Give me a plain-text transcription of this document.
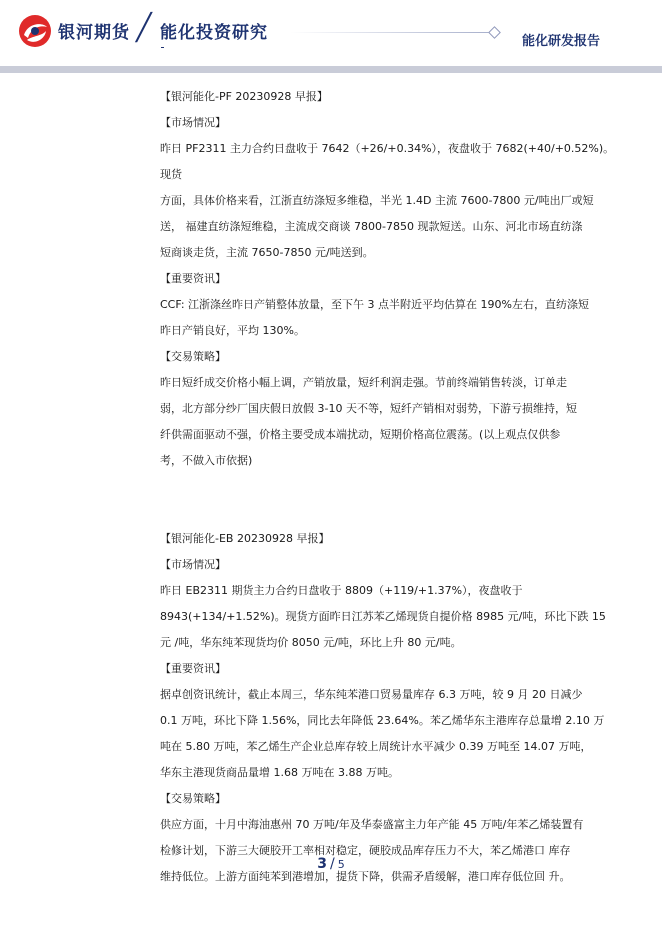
银河期货 ╱ 能化投资研究	能化研发报告

【银河能化-PF 20230928 早报】

【市场情况】

昨日 PF2311 主力合约日盘收于 7642（+26/+0.34%），夜盘收于 7682(+40/+0.52%)。现货

方面，具体价格来看，江浙直纺涤短多维稳，半光 1.4D 主流 7600-7800 元/吨出厂或短

送， 福建直纺涤短维稳，主流成交商谈 7800-7850 现款短送。山东、河北市场直纺涤

短商谈走货，主流 7650-7850 元/吨送到。

【重要资讯】

CCF: 江浙涤丝昨日产销整体放量，至下午 3 点半附近平均估算在 190%左右，直纺涤短

昨日产销良好，平均 130%。

【交易策略】

昨日短纤成交价格小幅上调，产销放量，短纤利润走强。节前终端销售转淡，订单走

弱，北方部分纱厂国庆假日放假 3-10 天不等，短纤产销相对弱势，下游亏损维持，短

纤供需面驱动不强，价格主要受成本端扰动，短期价格高位震荡。(以上观点仅供参

考，不做入市依据)

【银河能化-EB 20230928 早报】

【市场情况】

昨日 EB2311 期货主力合约日盘收于 8809（+119/+1.37%），夜盘收于

8943(+134/+1.52%)。现货方面昨日江苏苯乙烯现货自提价格 8985 元/吨，环比下跌 15

元 /吨，华东纯苯现货均价 8050 元/吨，环比上升 80 元/吨。

【重要资讯】

据卓创资讯统计，截止本周三，华东纯苯港口贸易量库存 6.3 万吨，较 9 月 20 日减少

0.1 万吨，环比下降 1.56%，同比去年降低 23.64%。苯乙烯华东主港库存总量增 2.10 万

吨在 5.80 万吨，苯乙烯生产企业总库存较上周统计水平减少 0.39 万吨至 14.07 万吨，

华东主港现货商品量增 1.68 万吨在 3.88 万吨。

【交易策略】

供应方面，十月中海油惠州 70 万吨/年及华泰盛富主力年产能 45 万吨/年苯乙烯装置有

检修计划，下游三大硬胶开工率相对稳定，硬胶成品库存压力不大，苯乙烯港口 库存

维持低位。上游方面纯苯到港增加，提货下降，供需矛盾缓解，港口库存低位回 升。

3 / 5
